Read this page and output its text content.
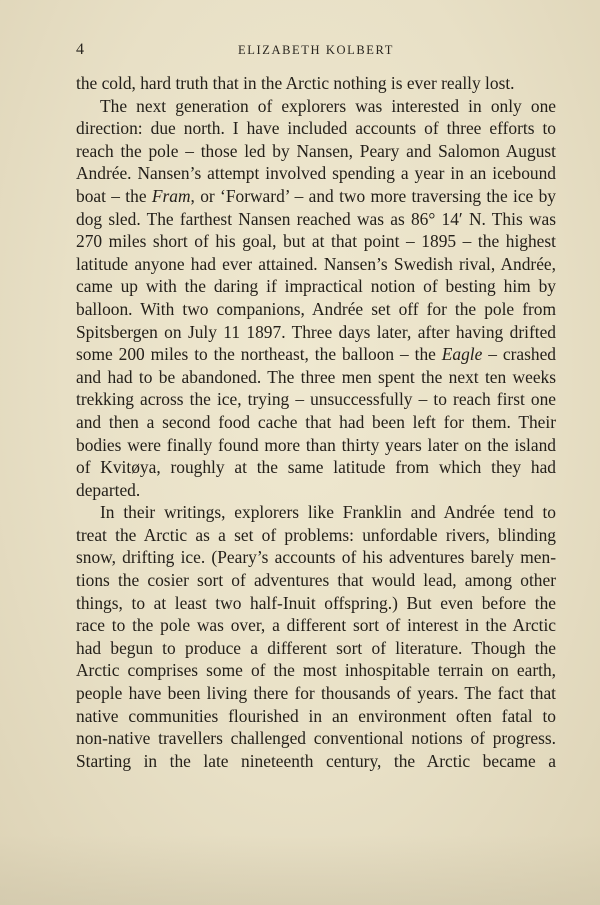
4	ELIZABETH KOLBERT
the cold, hard truth that in the Arctic nothing is ever really lost.
The next generation of explorers was interested in only one
direction: due north. I have included accounts of three efforts to
reach the pole – those led by Nansen, Peary and Salomon August
Andrée. Nansen’s attempt involved spending a year in an icebound
boat – the Fram, or ‘Forward’ – and two more traversing the ice by
dog sled. The farthest Nansen reached was as 86° 14′ N. This was
270 miles short of his goal, but at that point – 1895 – the highest
latitude anyone had ever attained. Nansen’s Swedish rival, Andrée,
came up with the daring if impractical notion of besting him by
balloon. With two companions, Andrée set off for the pole from
Spitsbergen on July 11 1897. Three days later, after having drifted
some 200 miles to the northeast, the balloon – the Eagle – crashed
and had to be abandoned. The three men spent the next ten weeks
trekking across the ice, trying – unsuccessfully – to reach first one
and then a second food cache that had been left for them. Their
bodies were finally found more than thirty years later on the island
of Kvitøya, roughly at the same latitude from which they had
departed.
In their writings, explorers like Franklin and Andrée tend to
treat the Arctic as a set of problems: unfordable rivers, blinding
snow, drifting ice. (Peary’s accounts of his adventures barely men-
tions the cosier sort of adventures that would lead, among other
things, to at least two half-Inuit offspring.) But even before the
race to the pole was over, a different sort of interest in the Arctic
had begun to produce a different sort of literature. Though the
Arctic comprises some of the most inhospitable terrain on earth,
people have been living there for thousands of years. The fact that
native communities flourished in an environment often fatal to
non-native travellers challenged conventional notions of progress.
Starting in the late nineteenth century, the Arctic became a
